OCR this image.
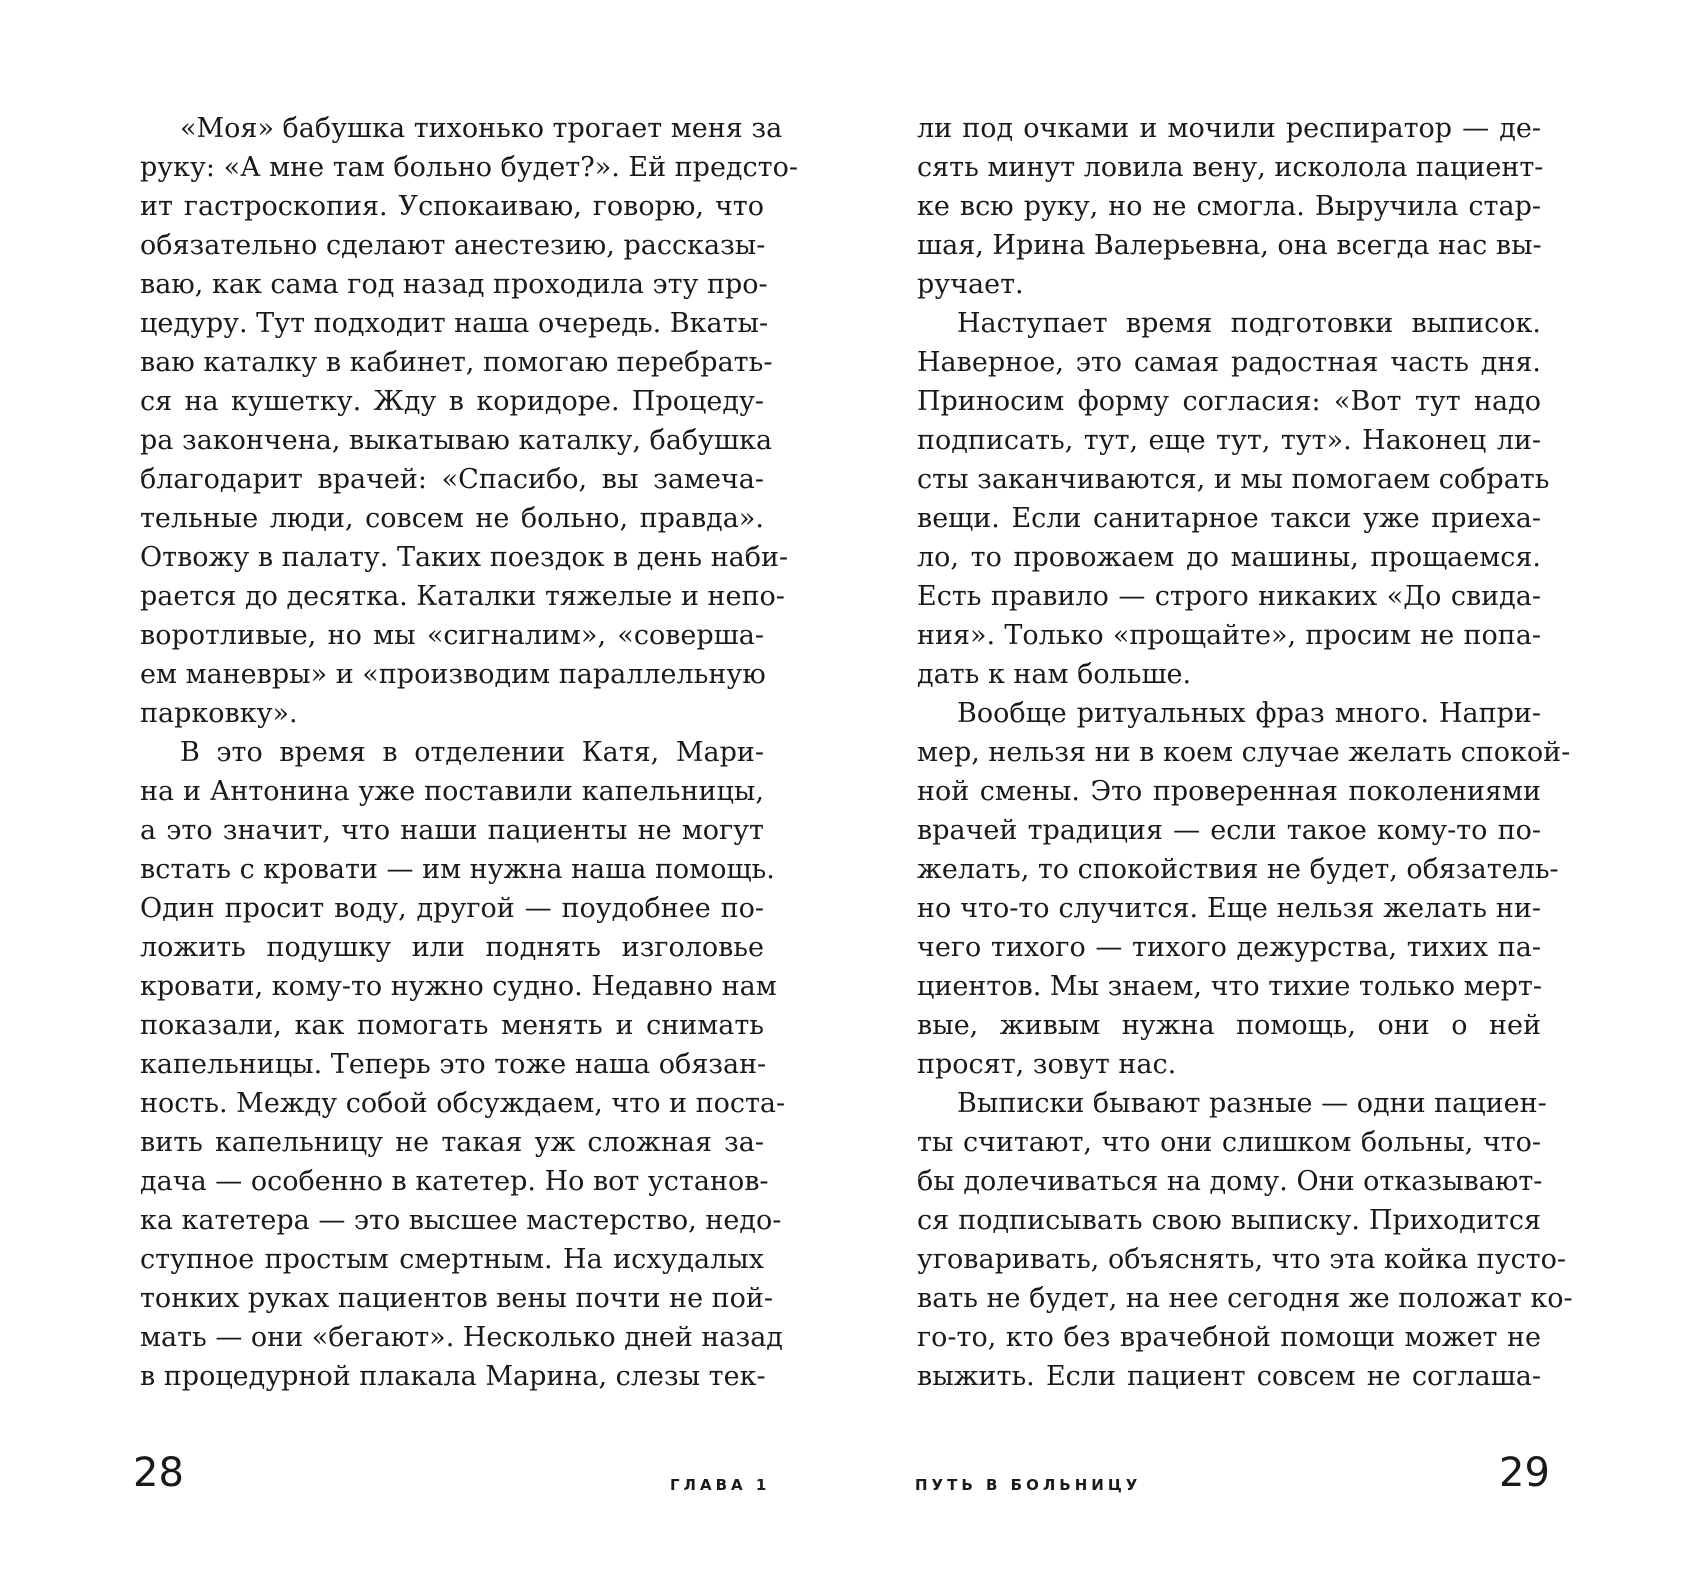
«Моя» бабушка тихонько трогает меня за
руку: «А мне там больно будет?». Ей предсто-
ит гастроскопия. Успокаиваю, говорю, что
обязательно сделают анестезию, рассказы-
ваю, как сама год назад проходила эту про-
цедуру. Тут подходит наша очередь. Вкаты-
ваю каталку в кабинет, помогаю перебрать-
ся на кушетку. Жду в коридоре. Процеду-
ра закончена, выкатываю каталку, бабушка
благодарит врачей: «Спасибо, вы замеча-
тельные люди, совсем не больно, правда».
Отвожу в палату. Таких поездок в день наби-
рается до десятка. Каталки тяжелые и непо-
воротливые, но мы «сигналим», «соверша-
ем маневры» и «производим параллельную
парковку».
В это время в отделении Катя, Мари-
на и Антонина уже поставили капельницы,
а это значит, что наши пациенты не могут
встать с кровати — им нужна наша помощь.
Один просит воду, другой — поудобнее по-
ложить подушку или поднять изголовье
кровати, кому-то нужно судно. Недавно нам
показали, как помогать менять и снимать
капельницы. Теперь это тоже наша обязан-
ность. Между собой обсуждаем, что и поста-
вить капельницу не такая уж сложная за-
дача — особенно в катетер. Но вот установ-
ка катетера — это высшее мастерство, недо-
ступное простым смертным. На исхудалых
тонких руках пациентов вены почти не пой-
мать — они «бегают». Несколько дней назад
в процедурной плакала Марина, слезы тек-
28	ГЛАВА 1
ли под очками и мочили респиратор — де-
сять минут ловила вену, исколола пациент-
ке всю руку, но не смогла. Выручила стар-
шая, Ирина Валерьевна, она всегда нас вы-
ручает.
Наступает время подготовки выписок.
Наверное, это самая радостная часть дня.
Приносим форму согласия: «Вот тут надо
подписать, тут, еще тут, тут». Наконец ли-
сты заканчиваются, и мы помогаем собрать
вещи. Если санитарное такси уже приеха-
ло, то провожаем до машины, прощаемся.
Есть правило — строго никаких «До свида-
ния». Только «прощайте», просим не попа-
дать к нам больше.
Вообще ритуальных фраз много. Напри-
мер, нельзя ни в коем случае желать спокой-
ной смены. Это проверенная поколениями
врачей традиция — если такое кому-то по-
желать, то спокойствия не будет, обязатель-
но что-то случится. Еще нельзя желать ни-
чего тихого — тихого дежурства, тихих па-
циентов. Мы знаем, что тихие только мерт-
вые, живым нужна помощь, они о ней
просят, зовут нас.
Выписки бывают разные — одни пациен-
ты считают, что они слишком больны, что-
бы долечиваться на дому. Они отказывают-
ся подписывать свою выписку. Приходится
уговаривать, объяснять, что эта койка пусто-
вать не будет, на нее сегодня же положат ко-
го-то, кто без врачебной помощи может не
выжить. Если пациент совсем не соглаша-
ПУТЬ В БОЛЬНИЦУ	29
